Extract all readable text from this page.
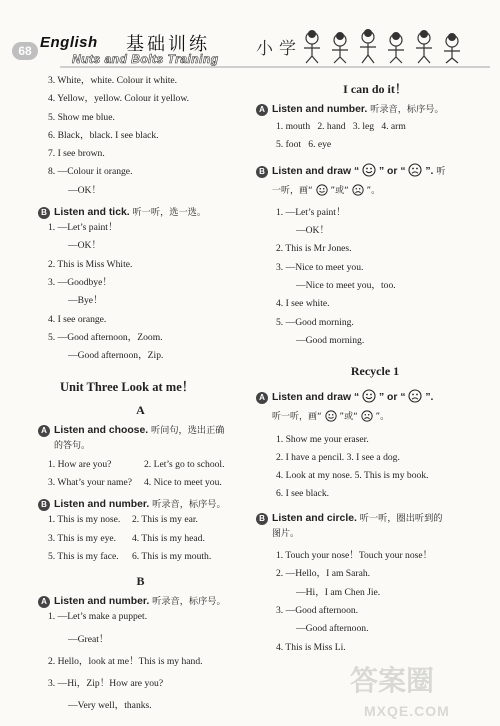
68 English 基础训练	小学
Nuts and Bolts Training
3. White，white. Colour it white.
4. Yellow，yellow. Colour it yellow.
5. Show me blue.
6. Black，black. I see black.
7. I see brown.
8. —Colour it orange.
—OK！
B Listen and tick. 听一听，选一选。
1. —Let’s paint！
—OK！
2. This is Miss White.
3. —Goodbye！
—Bye！
4. I see orange.
5. —Good afternoon，Zoom.
—Good afternoon，Zip.
Unit Three Look at me！
A
A Listen and choose. 听问句，选出正确
的答句。
1. How are you?	2. Let’s go to school.
3. What’s your name?	4. Nice to meet you.
B Listen and number. 听录音，标序号。
1. This is my nose.	2. This is my ear.
3. This is my eye.	4. This is my head.
5. This is my face.	6. This is my mouth.
B
A Listen and number. 听录音，标序号。
1. —Let’s make a puppet.
—Great！
2. Hello，look at me！This is my hand.
3. —Hi，Zip！How are you?
—Very well，thanks.
I can do it！
A Listen and number. 听录音，标序号。
1. mouth 2. hand 3. leg 4. arm
5. foot 6. eye
B Listen and draw “ ” or “ ”. 听
一听，画“ ”或“ ”。
1. —Let’s paint！
—OK！
2. This is Mr Jones.
3. —Nice to meet you.
—Nice to meet you，too.
4. I see white.
5. —Good morning.
—Good morning.
Recycle 1
A Listen and draw “ ” or “ ”.
听一听，画“ ”或“ ”。
1. Show me your eraser.
2. I have a pencil. 3. I see a dog.
4. Look at my nose. 5. This is my book.
6. I see black.
B Listen and circle. 听一听，圈出听到的
图片。
1. Touch your nose！Touch your nose！
2. —Hello，I am Sarah.
—Hi，I am Chen Jie.
3. —Good afternoon.
—Good afternoon.
4. This is Miss Li.
答案圈
MXQE.COM
